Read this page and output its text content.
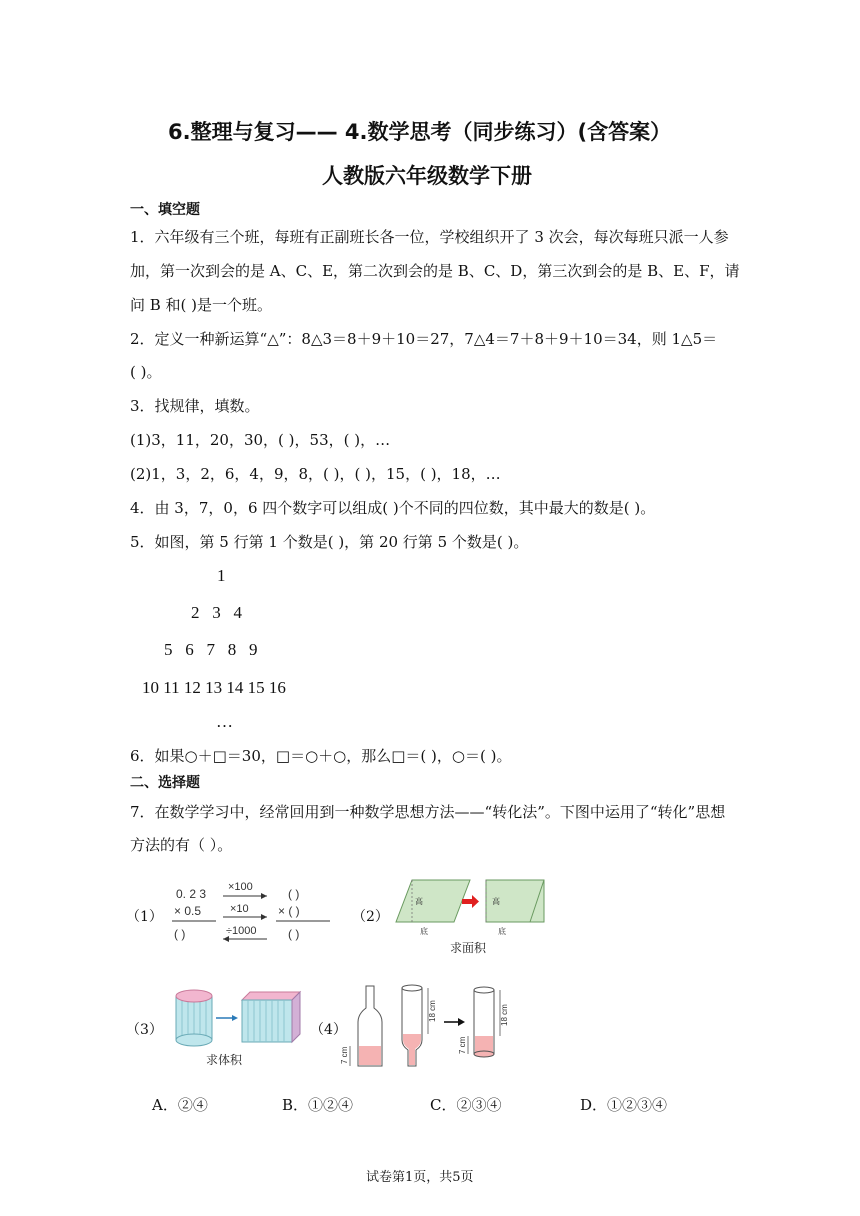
6.整理与复习—— 4.数学思考（同步练习）(含答案）
人教版六年级数学下册
一、填空题
1．六年级有三个班，每班有正副班长各一位，学校组织开了 3 次会，每次每班只派一人参
加，第一次到会的是 A、C、E，第二次到会的是 B、C、D，第三次到会的是 B、E、F，请
问 B 和( )是一个班。
2．定义一种新运算“△”：8△3＝8＋9＋10＝27，7△4＝7＋8＋9＋10＝34，则 1△5＝
( )。
3．找规律，填数。
(1)3，11，20，30，( )，53，( )，…
(2)1，3，2，6，4，9，8，( )，( )，15，( )，18，…
4．由 3，7，0，6 四个数字可以组成( )个不同的四位数，其中最大的数是( )。
5．如图，第 5 行第 1 个数是( )，第 20 行第 5 个数是( )。
1
2   3   4
5   6   7   8   9
10 11 12 13 14 15 16
…
6．如果○＋□＝30，□＝○＋○，那么□＝( )，○＝( )。
二、选择题
7．在数学学习中，经常回用到一种数学思想方法——“转化法”。下图中运用了“转化”思想
方法的有（ ）。
（1）
0. 2 3
× 0.5
( )
×100
×10
÷1000
( )
× ( )
( )
（2）
高
底
高
底
求面积
（3）
求体积
（4）
7 cm
18 cm
7 cm
18 cm
A．②④	B．①②④	C．②③④	D．①②③④
试卷第1页，共5页
